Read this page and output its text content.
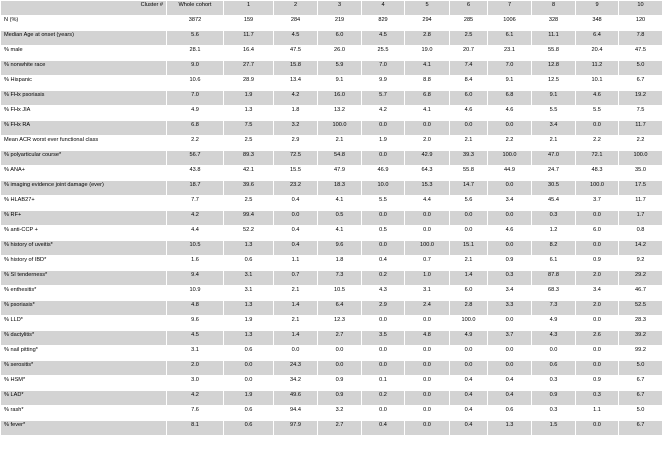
Cluster #	Whole cohort	1	2	3	4	5	6	7	8	9	10
N (%)	3872	159	284	219	829	294	285	1006	328	348	120
Median Age at onset (years)	5.6	11.7	4.5	6.0	4.5	2.8	2.5	6.1	11.1	6.4	7.8
% male	28.1	16.4	47.5	26.0	25.5	19.0	20.7	23.1	55.8	20.4	47.5
% nonwhite race	9.0	27.7	15.8	5.9	7.0	4.1	7.4	7.0	12.8	11.2	5.0
% Hispanic	10.6	28.9	13.4	9.1	9.9	8.8	8.4	9.1	12.5	10.1	6.7
% FHx psoriasis	7.0	1.9	4.2	16.0	5.7	6.8	6.0	6.8	9.1	4.6	19.2
% FHx JIA	4.9	1.3	1.8	13.2	4.2	4.1	4.6	4.6	5.5	5.5	7.5
% FHx RA	6.8	7.5	3.2	100.0	0.0	0.0	0.0	0.0	3.4	0.0	11.7
Mean ACR worst ever functional class	2.2	2.5	2.9	2.1	1.9	2.0	2.1	2.2	2.1	2.2	2.2
% polyarticular course*	56.7	89.3	72.5	54.8	0.0	42.9	39.3	100.0	47.0	72.1	100.0
% ANA+	43.8	42.1	15.5	47.9	46.9	64.3	55.8	44.9	24.7	48.3	35.0
% imaging evidence joint damage (ever)	18.7	39.6	23.2	18.3	10.0	15.3	14.7	0.0	30.5	100.0	17.5
% HLAB27+	7.7	2.5	0.4	4.1	5.5	4.4	5.6	3.4	45.4	3.7	11.7
% RF+	4.2	99.4	0.0	0.5	0.0	0.0	0.0	0.0	0.3	0.0	1.7
% anti-CCP +	4.4	52.2	0.4	4.1	0.5	0.0	0.0	4.6	1.2	6.0	0.8
% history of uveitis*	10.5	1.3	0.4	9.6	0.0	100.0	15.1	0.0	8.2	0.0	14.2
% history of IBD*	1.6	0.6	1.1	1.8	0.4	0.7	2.1	0.9	6.1	0.9	9.2
% SI tenderness*	9.4	3.1	0.7	7.3	0.2	1.0	1.4	0.3	87.8	2.0	29.2
% enthesitis*	10.9	3.1	2.1	10.5	4.3	3.1	6.0	3.4	68.3	3.4	46.7
% psoriasis*	4.8	1.3	1.4	6.4	2.9	2.4	2.8	3.3	7.3	2.0	52.5
% LLD*	9.6	1.9	2.1	12.3	0.0	0.0	100.0	0.0	4.9	0.0	28.3
% dactylitis*	4.5	1.3	1.4	2.7	3.5	4.8	4.9	3.7	4.3	2.6	39.2
% nail pitting*	3.1	0.6	0.0	0.0	0.0	0.0	0.0	0.0	0.0	0.0	99.2
% serositis*	2.0	0.0	24.3	0.0	0.0	0.0	0.0	0.0	0.6	0.0	5.0
% HSM*	3.0	0.0	34.2	0.9	0.1	0.0	0.4	0.4	0.3	0.9	6.7
% LAD*	4.2	1.9	49.6	0.9	0.2	0.0	0.4	0.4	0.9	0.3	6.7
% rash*	7.6	0.6	94.4	3.2	0.0	0.0	0.4	0.6	0.3	1.1	5.0
% fever*	8.1	0.6	97.9	2.7	0.4	0.0	0.4	1.3	1.5	0.0	6.7
